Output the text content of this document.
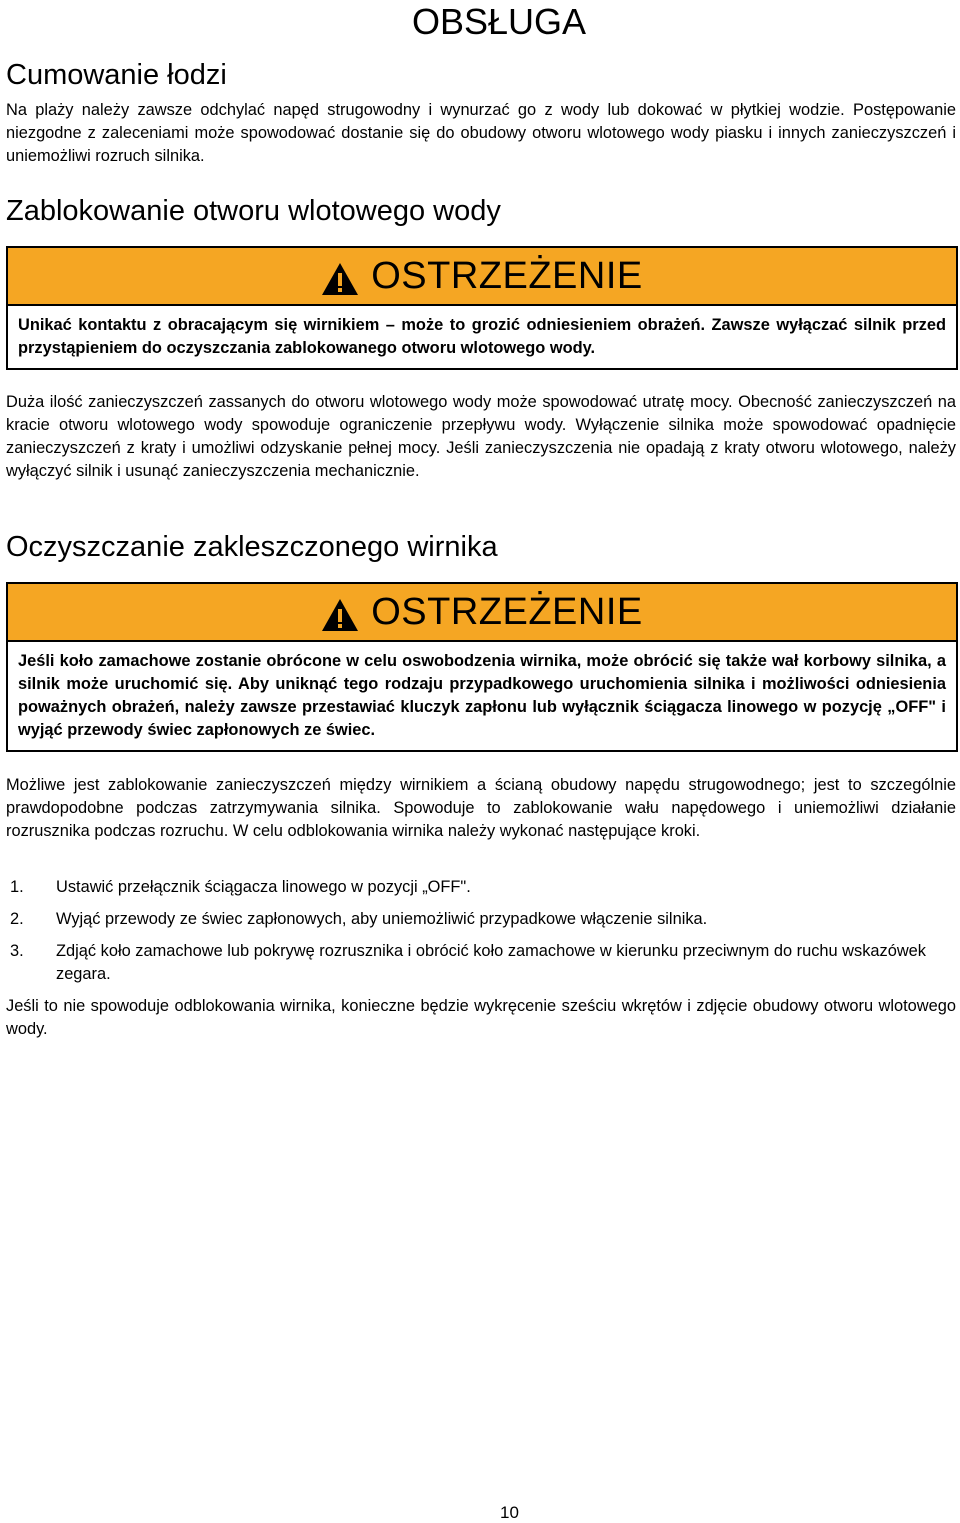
OBSŁUGA
Cumowanie łodzi

Na plaży należy zawsze odchylać napęd strugowodny i wynurzać go z wody lub dokować w płytkiej wodzie. Postępowanie niezgodne z zaleceniami może spowodować dostanie się do obudowy otworu wlotowego wody piasku i innych zanieczyszczeń i uniemożliwi rozruch silnika.

Zablokowanie otworu wlotowego wody
OSTRZEŻENIE
Unikać kontaktu z obracającym się wirnikiem – może to grozić odniesieniem obrażeń. Zawsze wyłączać silnik przed przystąpieniem do oczyszczania zablokowanego otworu wlotowego wody.

Duża ilość zanieczyszczeń zassanych do otworu wlotowego wody może spowodować utratę mocy. Obecność zanieczyszczeń na kracie otworu wlotowego wody spowoduje ograniczenie przepływu wody. Wyłączenie silnika może spowodować opadnięcie zanieczyszczeń z kraty i umożliwi odzyskanie pełnej mocy. Jeśli zanieczyszczenia nie opadają z kraty otworu wlotowego, należy wyłączyć silnik i usunąć zanieczyszczenia mechanicznie.

Oczyszczanie zakleszczonego wirnika
OSTRZEŻENIE
Jeśli koło zamachowe zostanie obrócone w celu oswobodzenia wirnika, może obrócić się także wał korbowy silnika, a silnik może uruchomić się. Aby uniknąć tego rodzaju przypadkowego uruchomienia silnika i możliwości odniesienia poważnych obrażeń, należy zawsze przestawiać kluczyk zapłonu lub wyłącznik ściągacza linowego w pozycję „OFF" i wyjąć przewody świec zapłonowych ze świec.

Możliwe jest zablokowanie zanieczyszczeń między wirnikiem a ścianą obudowy napędu strugowodnego; jest to szczególnie prawdopodobne podczas zatrzymywania silnika. Spowoduje to zablokowanie wału napędowego i uniemożliwi działanie rozrusznika podczas rozruchu. W celu odblokowania wirnika należy wykonać następujące kroki.

1. Ustawić przełącznik ściągacza linowego w pozycji „OFF".
2. Wyjąć przewody ze świec zapłonowych, aby uniemożliwić przypadkowe włączenie silnika.
3. Zdjąć koło zamachowe lub pokrywę rozrusznika i obrócić koło zamachowe w kierunku przeciwnym do ruchu wskazówek zegara.

Jeśli to nie spowoduje odblokowania wirnika, konieczne będzie wykręcenie sześciu wkrętów i zdjęcie obudowy otworu wlotowego wody.

10
